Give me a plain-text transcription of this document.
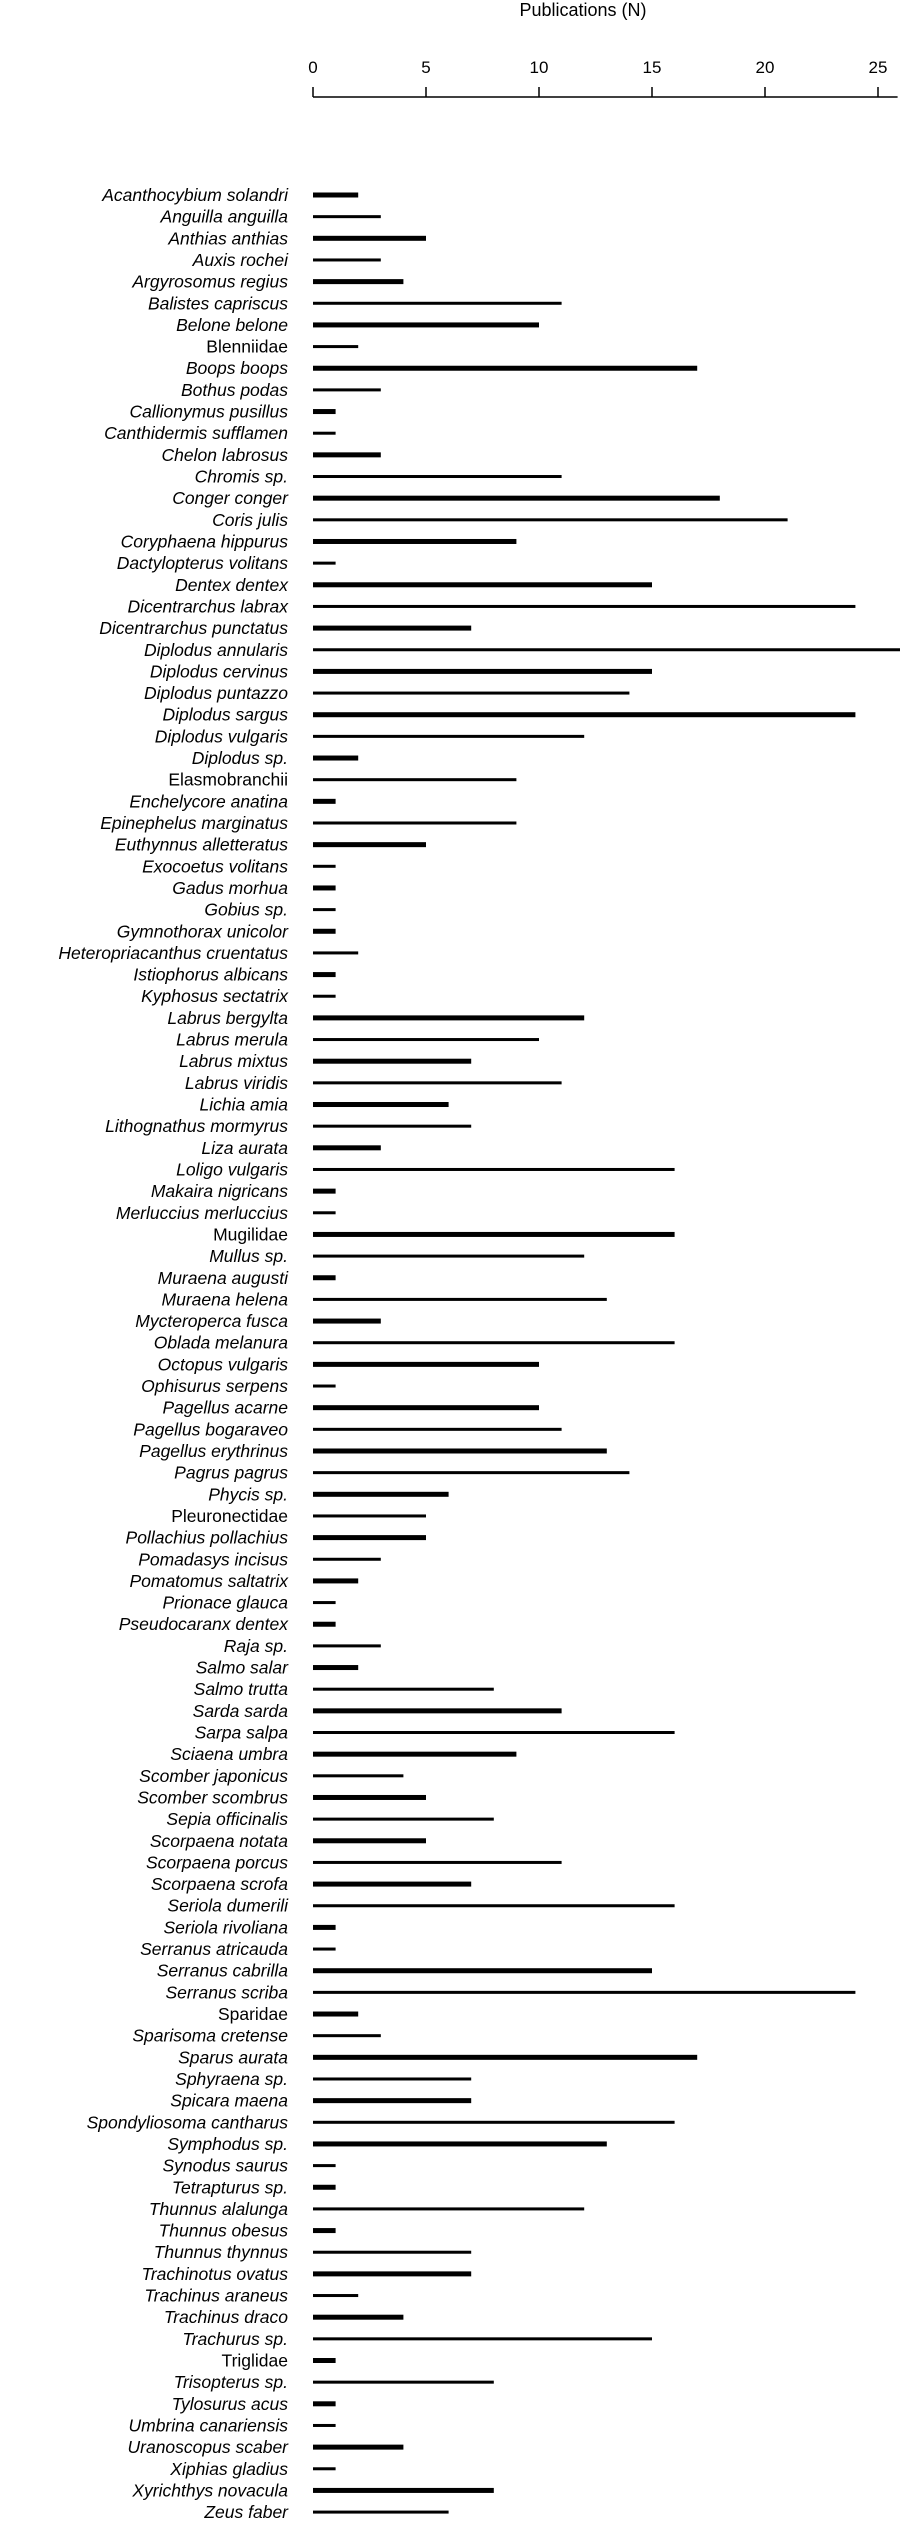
0	5	10	15	20	25
Publications (N)
Acanthocybium solandri
Anguilla anguilla
Anthias anthias
Auxis rochei
Argyrosomus regius
Balistes capriscus
Belone belone
Blenniidae
Boops boops
Bothus podas
Callionymus pusillus
Canthidermis sufflamen
Chelon labrosus
Chromis sp.
Conger conger
Coris julis
Coryphaena hippurus
Dactylopterus volitans
Dentex dentex
Dicentrarchus labrax
Dicentrarchus punctatus
Diplodus annularis
Diplodus cervinus
Diplodus puntazzo
Diplodus sargus
Diplodus vulgaris
Diplodus sp.
Elasmobranchii
Enchelycore anatina
Epinephelus marginatus
Euthynnus alletteratus
Exocoetus volitans
Gadus morhua
Gobius sp.
Gymnothorax unicolor
Heteropriacanthus cruentatus
Istiophorus albicans
Kyphosus sectatrix
Labrus bergylta
Labrus merula
Labrus mixtus
Labrus viridis
Lichia amia
Lithognathus mormyrus
Liza aurata
Loligo vulgaris
Makaira nigricans
Merluccius merluccius
Mugilidae
Mullus sp.
Muraena augusti
Muraena helena
Mycteroperca fusca
Oblada melanura
Octopus vulgaris
Ophisurus serpens
Pagellus acarne
Pagellus bogaraveo
Pagellus erythrinus
Pagrus pagrus
Phycis sp.
Pleuronectidae
Pollachius pollachius
Pomadasys incisus
Pomatomus saltatrix
Prionace glauca
Pseudocaranx dentex
Raja sp.
Salmo salar
Salmo trutta
Sarda sarda
Sarpa salpa
Sciaena umbra
Scomber japonicus
Scomber scombrus
Sepia officinalis
Scorpaena notata
Scorpaena porcus
Scorpaena scrofa
Seriola dumerili
Seriola rivoliana
Serranus atricauda
Serranus cabrilla
Serranus scriba
Sparidae
Sparisoma cretense
Sparus aurata
Sphyraena sp.
Spicara maena
Spondyliosoma cantharus
Symphodus sp.
Synodus saurus
Tetrapturus sp.
Thunnus alalunga
Thunnus obesus
Thunnus thynnus
Trachinotus ovatus
Trachinus araneus
Trachinus draco
Trachurus sp.
Triglidae
Trisopterus sp.
Tylosurus acus
Umbrina canariensis
Uranoscopus scaber
Xiphias gladius
Xyrichthys novacula
Zeus faber
